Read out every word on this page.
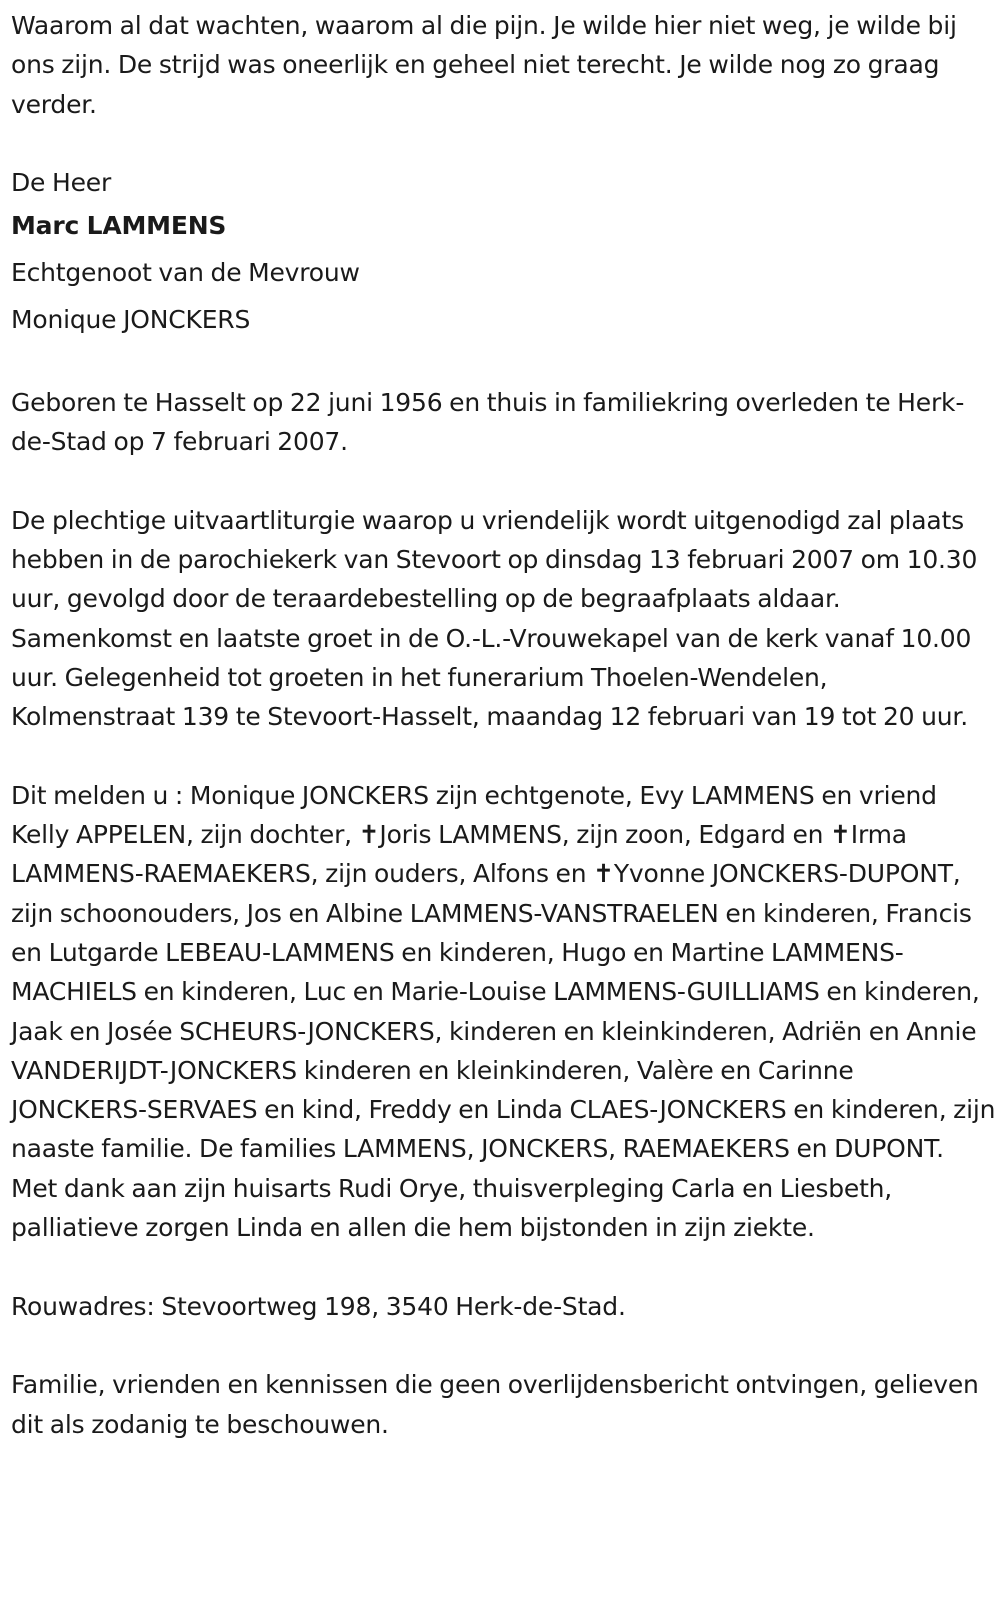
Waarom al dat wachten, waarom al die pijn. Je wilde hier niet weg, je wilde bij ons zijn. De strijd was oneerlijk en geheel niet terecht. Je wilde nog zo graag verder.

De Heer

Marc LAMMENS
Echtgenoot van de Mevrouw
Monique JONCKERS

Geboren te Hasselt op 22 juni 1956 en thuis in familiekring overleden te Herk-de-Stad op 7 februari 2007.

De plechtige uitvaartliturgie waarop u vriendelijk wordt uitgenodigd zal plaats hebben in de parochiekerk van Stevoort op dinsdag 13 februari 2007 om 10.30 uur, gevolgd door de teraardebestelling op de begraafplaats aldaar. Samenkomst en laatste groet in de O.-L.-Vrouwekapel van de kerk vanaf 10.00 uur. Gelegenheid tot groeten in het funerarium Thoelen-Wendelen, Kolmenstraat 139 te Stevoort-Hasselt, maandag 12 februari van 19 tot 20 uur.

Dit melden u : Monique JONCKERS zijn echtgenote, Evy LAMMENS en vriend Kelly APPELEN, zijn dochter, ✝Joris LAMMENS, zijn zoon, Edgard en ✝Irma LAMMENS-RAEMAEKERS, zijn ouders, Alfons en ✝Yvonne JONCKERS-DUPONT, zijn schoonouders, Jos en Albine LAMMENS-VANSTRAELEN en kinderen, Francis en Lutgarde LEBEAU-LAMMENS en kinderen, Hugo en Martine LAMMENS-MACHIELS en kinderen, Luc en Marie-Louise LAMMENS-GUILLIAMS en kinderen, Jaak en Josée SCHEURS-JONCKERS, kinderen en kleinkinderen, Adriën en Annie VANDERIJDT-JONCKERS kinderen en kleinkinderen, Valère en Carinne JONCKERS-SERVAES en kind, Freddy en Linda CLAES-JONCKERS en kinderen, zijn naaste familie. De families LAMMENS, JONCKERS, RAEMAEKERS en DUPONT. Met dank aan zijn huisarts Rudi Orye, thuisverpleging Carla en Liesbeth, palliatieve zorgen Linda en allen die hem bijstonden in zijn ziekte.

Rouwadres: Stevoortweg 198, 3540 Herk-de-Stad.

Familie, vrienden en kennissen die geen overlijdensbericht ontvingen, gelieven dit als zodanig te beschouwen.
